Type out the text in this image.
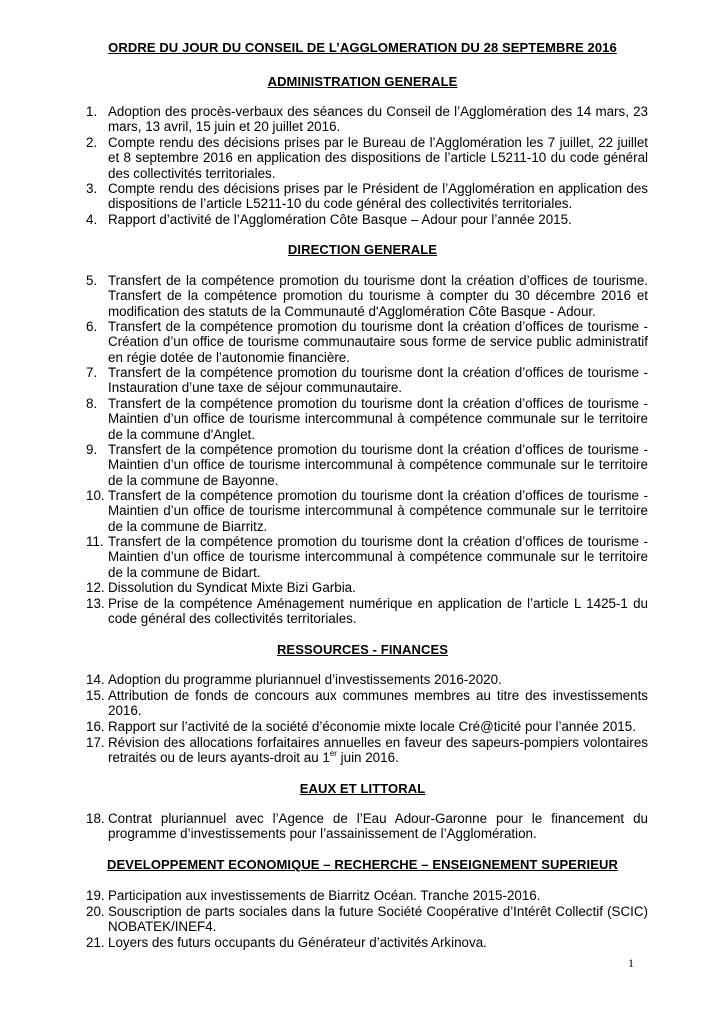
ORDRE DU JOUR DU CONSEIL DE L’AGGLOMERATION DU 28 SEPTEMBRE 2016
ADMINISTRATION GENERALE
1. Adoption des procès-verbaux des séances du Conseil de l’Agglomération des 14 mars, 23 mars, 13 avril, 15 juin et 20 juillet 2016.
2. Compte rendu des décisions prises par le Bureau de l’Agglomération les 7 juillet, 22 juillet et 8 septembre 2016 en application des dispositions de l’article L5211-10 du code général des collectivités territoriales.
3. Compte rendu des décisions prises par le Président de l’Agglomération en application des dispositions de l’article L5211-10 du code général des collectivités territoriales.
4. Rapport d’activité de l’Agglomération Côte Basque – Adour pour l’année 2015.
DIRECTION GENERALE
5. Transfert de la compétence promotion du tourisme dont la création d’offices de tourisme. Transfert de la compétence promotion du tourisme à compter du 30 décembre 2016 et modification des statuts de la Communauté d'Agglomération Côte Basque - Adour.
6. Transfert de la compétence promotion du tourisme dont la création d’offices de tourisme - Création d’un office de tourisme communautaire sous forme de service public administratif en régie dotée de l’autonomie financière.
7. Transfert de la compétence promotion du tourisme dont la création d’offices de tourisme - Instauration d’une taxe de séjour communautaire.
8. Transfert de la compétence promotion du tourisme dont la création d’offices de tourisme - Maintien d’un office de tourisme intercommunal à compétence communale sur le territoire de la commune d'Anglet.
9. Transfert de la compétence promotion du tourisme dont la création d’offices de tourisme - Maintien d’un office de tourisme intercommunal à compétence communale sur le territoire de la commune de Bayonne.
10. Transfert de la compétence promotion du tourisme dont la création d’offices de tourisme - Maintien d’un office de tourisme intercommunal à compétence communale sur le territoire de la commune de Biarritz.
11. Transfert de la compétence promotion du tourisme dont la création d’offices de tourisme - Maintien d’un office de tourisme intercommunal à compétence communale sur le territoire de la commune de Bidart.
12. Dissolution du Syndicat Mixte Bizi Garbia.
13. Prise de la compétence Aménagement numérique en application de l’article L 1425-1 du code général des collectivités territoriales.
RESSOURCES - FINANCES
14. Adoption du programme pluriannuel d’investissements 2016-2020.
15. Attribution de fonds de concours aux communes membres au titre des investissements 2016.
16. Rapport sur l’activité de la société d’économie mixte locale Cré@ticité pour l’année 2015.
17. Révision des allocations forfaitaires annuelles en faveur des sapeurs-pompiers volontaires retraités ou de leurs ayants-droit au 1er juin 2016.
EAUX ET LITTORAL
18. Contrat pluriannuel avec l’Agence de l’Eau Adour-Garonne pour le financement du programme d’investissements pour l’assainissement de l’Agglomération.
DEVELOPPEMENT ECONOMIQUE – RECHERCHE – ENSEIGNEMENT SUPERIEUR
19. Participation aux investissements de Biarritz Océan. Tranche 2015-2016.
20. Souscription de parts sociales dans la future Société Coopérative d’Intérêt Collectif (SCIC) NOBATEK/INEF4.
21. Loyers des futurs occupants du Générateur d’activités Arkinova.
1
